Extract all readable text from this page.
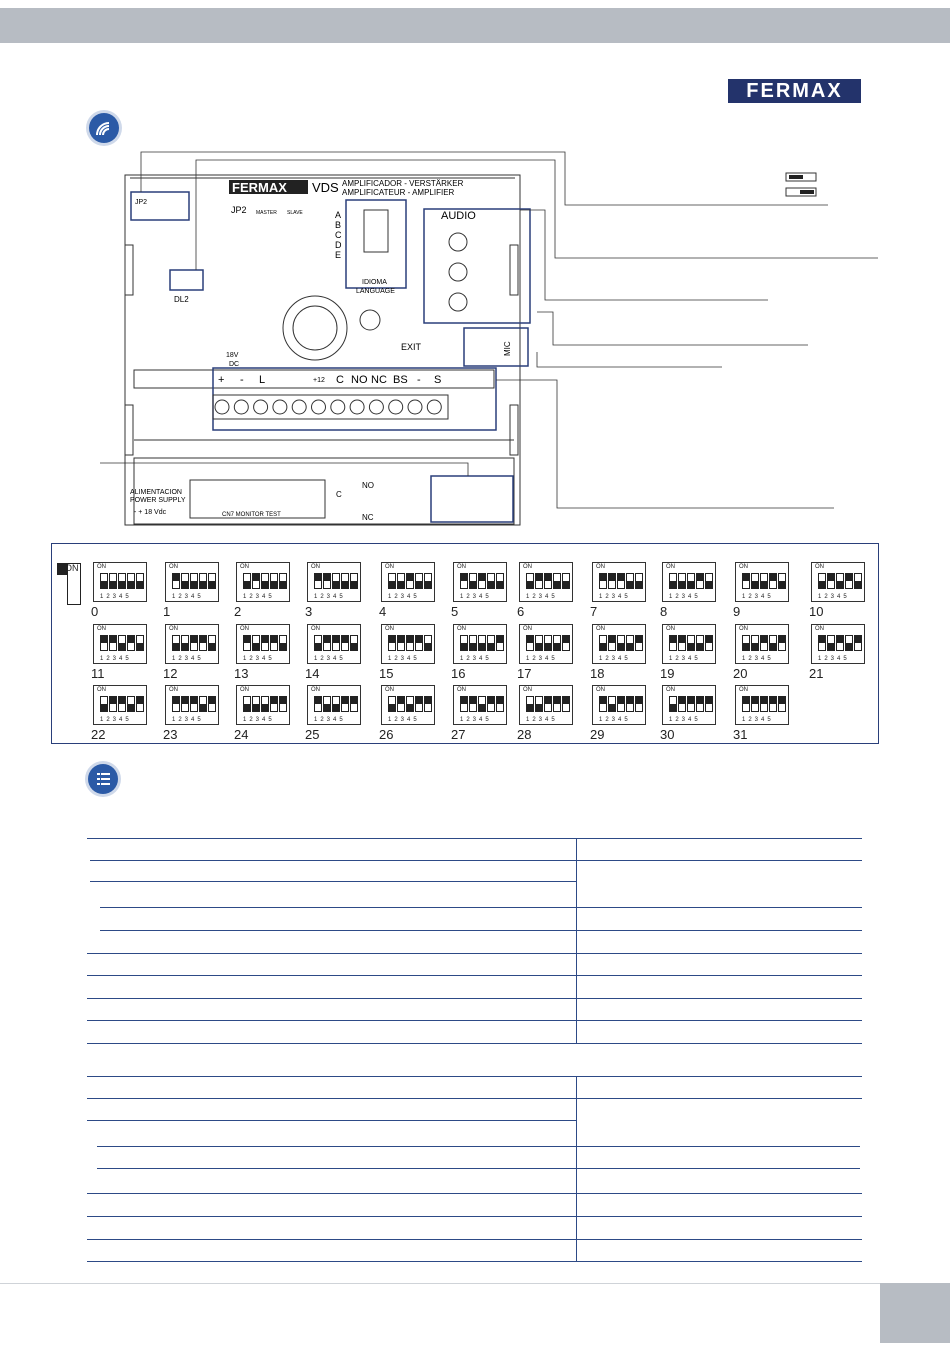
FERMAX
FERMAX VDS AMPLIFICADOR - VERSTÄRKER
AMPLIFICATEUR - AMPLIFIER
JP2
JP2
MASTER SLAVE	A
B
C
D
E
IDIOMA
LANGUAGE
AUDIO
DL2
18V
DC
EXIT	MIC
+ - L	+12 C NO NC BS - S
ALIMENTACION
POWER SUPPLY
- + 18 Vdc	CN7 MONITOR TEST
C
NO
NC
ON	ON
12345
0
ON
12345
1
ON
12345
2
ON
12345
3
ON
12345
4
ON
12345
5
ON
12345
6
ON
12345
7
ON
12345
8
ON
12345
9
ON
12345
10
ON
12345
11
ON
12345
12
ON
12345
13
ON
12345
14
ON
12345
15
ON
12345
16
ON
12345
17
ON
12345
18
ON
12345
19
ON
12345
20
ON
12345
21
ON
12345
22
ON
12345
23
ON
12345
24
ON
12345
25
ON
12345
26
ON
12345
27
ON
12345
28
ON
12345
29
ON
12345
30
ON
12345
31
